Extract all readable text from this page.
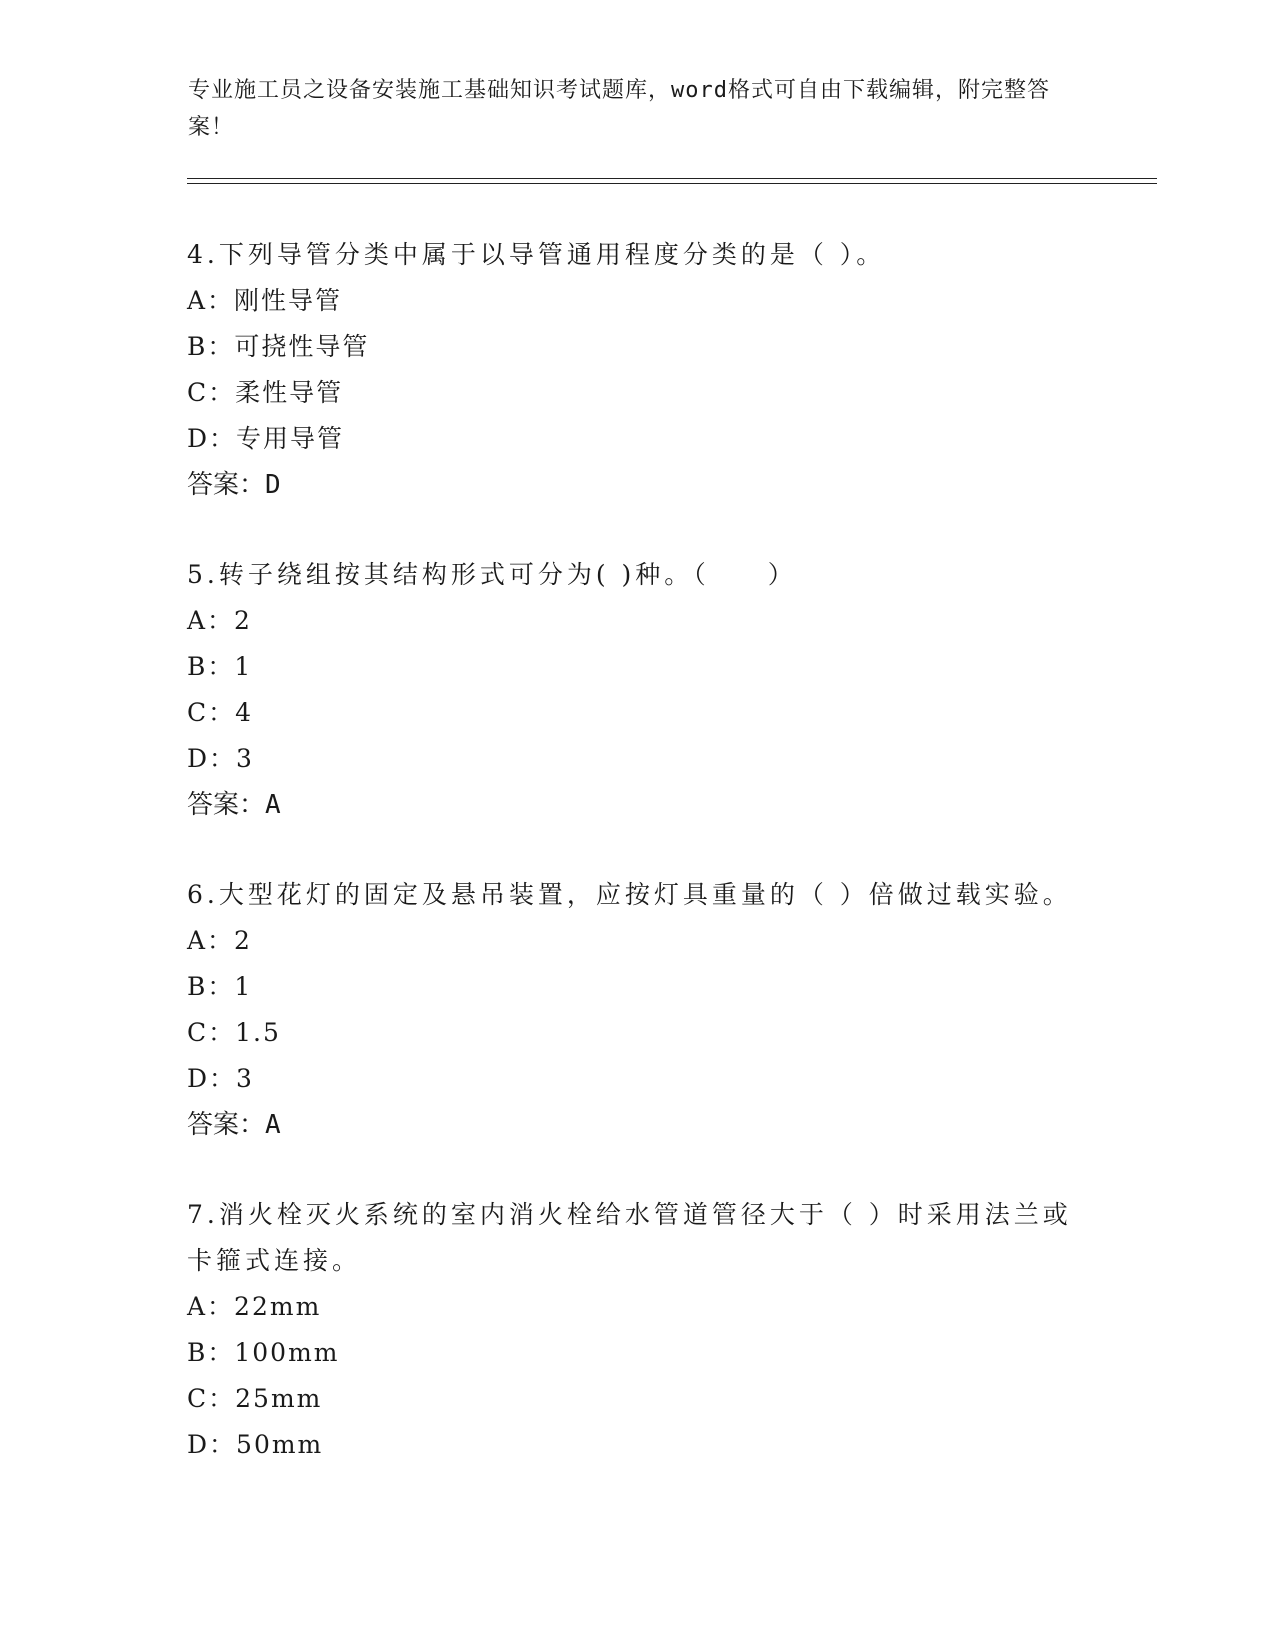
专业施工员之设备安装施工基础知识考试题库，word格式可自由下载编辑，附完整答案！
4.下列导管分类中属于以导管通用程度分类的是（ ）。
A：刚性导管
B：可挠性导管
C：柔性导管
D：专用导管
答案：D
5.转子绕组按其结构形式可分为( )种。（　　）
A：2
B：1
C：4
D：3
答案：A
6.大型花灯的固定及悬吊装置，应按灯具重量的（ ）倍做过载实验。
A：2
B：1
C：1.5
D：3
答案：A
7.消火栓灭火系统的室内消火栓给水管道管径大于（ ）时采用法兰或卡箍式连接。
A：22mm
B：100mm
C：25mm
D：50mm
